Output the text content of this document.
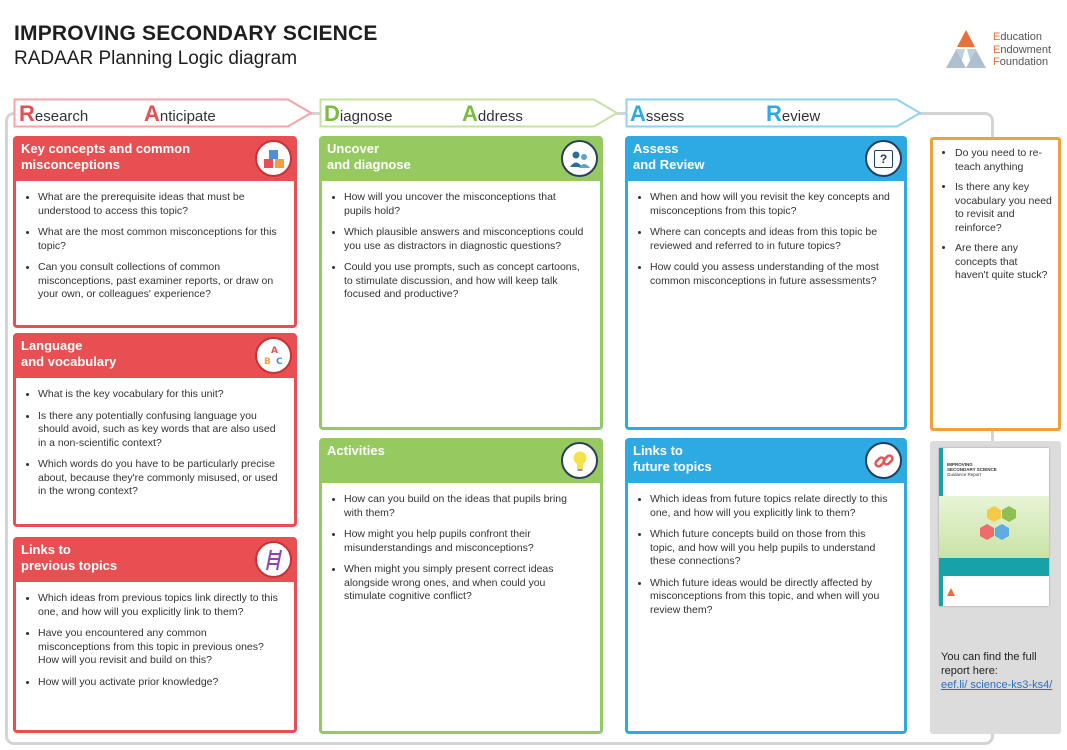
IMPROVING SECONDARY SCIENCE
RADAAR Planning Logic diagram
Education
Endowment
Foundation
Research	Anticipate	Diagnose	Address	Assess	Review
Key concepts and common
misconceptions
• What are the prerequisite ideas that must be understood to access this topic?
• What are the most common misconceptions for this topic?
• Can you consult collections of common misconceptions, past examiner reports, or draw on your own, or colleagues' experience?
Language
and vocabulary
A
B C
• What is the key vocabulary for this unit?
• Is there any potentially confusing language you should avoid, such as key words that are also used in a non-scientific context?
• Which words do you have to be particularly precise about, because they're commonly misused, or used in the wrong context?
Links to
previous topics
• Which ideas from previous topics link directly to this one, and how will you explicitly link to them?
• Have you encountered any common misconceptions from this topic in previous ones? How will you revisit and build on this?
• How will you activate prior knowledge?
Uncover
and diagnose
• How will you uncover the misconceptions that pupils hold?
• Which plausible answers and misconceptions could you use as distractors in diagnostic questions?
• Could you use prompts, such as concept cartoons, to stimulate discussion, and how will keep talk focused and productive?
Activities
• How can you build on the ideas that pupils bring with them?
• How might you help pupils confront their misunderstandings and misconceptions?
• When might you simply present correct ideas alongside wrong ones, and when could you stimulate cognitive conflict?
Assess
and Review	?
• When and how will you revisit the key concepts and misconceptions from this topic?
• Where can concepts and ideas from this topic be reviewed and referred to in future topics?
• How could you assess understanding of the most common misconceptions in future assessments?
Links to
future topics
• Which ideas from future topics relate directly to this one, and how will you explicitly link to them?
• Which future concepts build on those from this topic, and how will you help pupils to understand these connections?
• Which future ideas would be directly affected by misconceptions from this topic, and when will you review them?
• Do you need to re-teach anything
• Is there any key vocabulary you need to revisit and reinforce?
• Are there any concepts that haven't quite stuck?
IMPROVING
SECONDARY SCIENCE
Guidance Report
You can find the full report here:
eef.li/ science-ks3-ks4/
